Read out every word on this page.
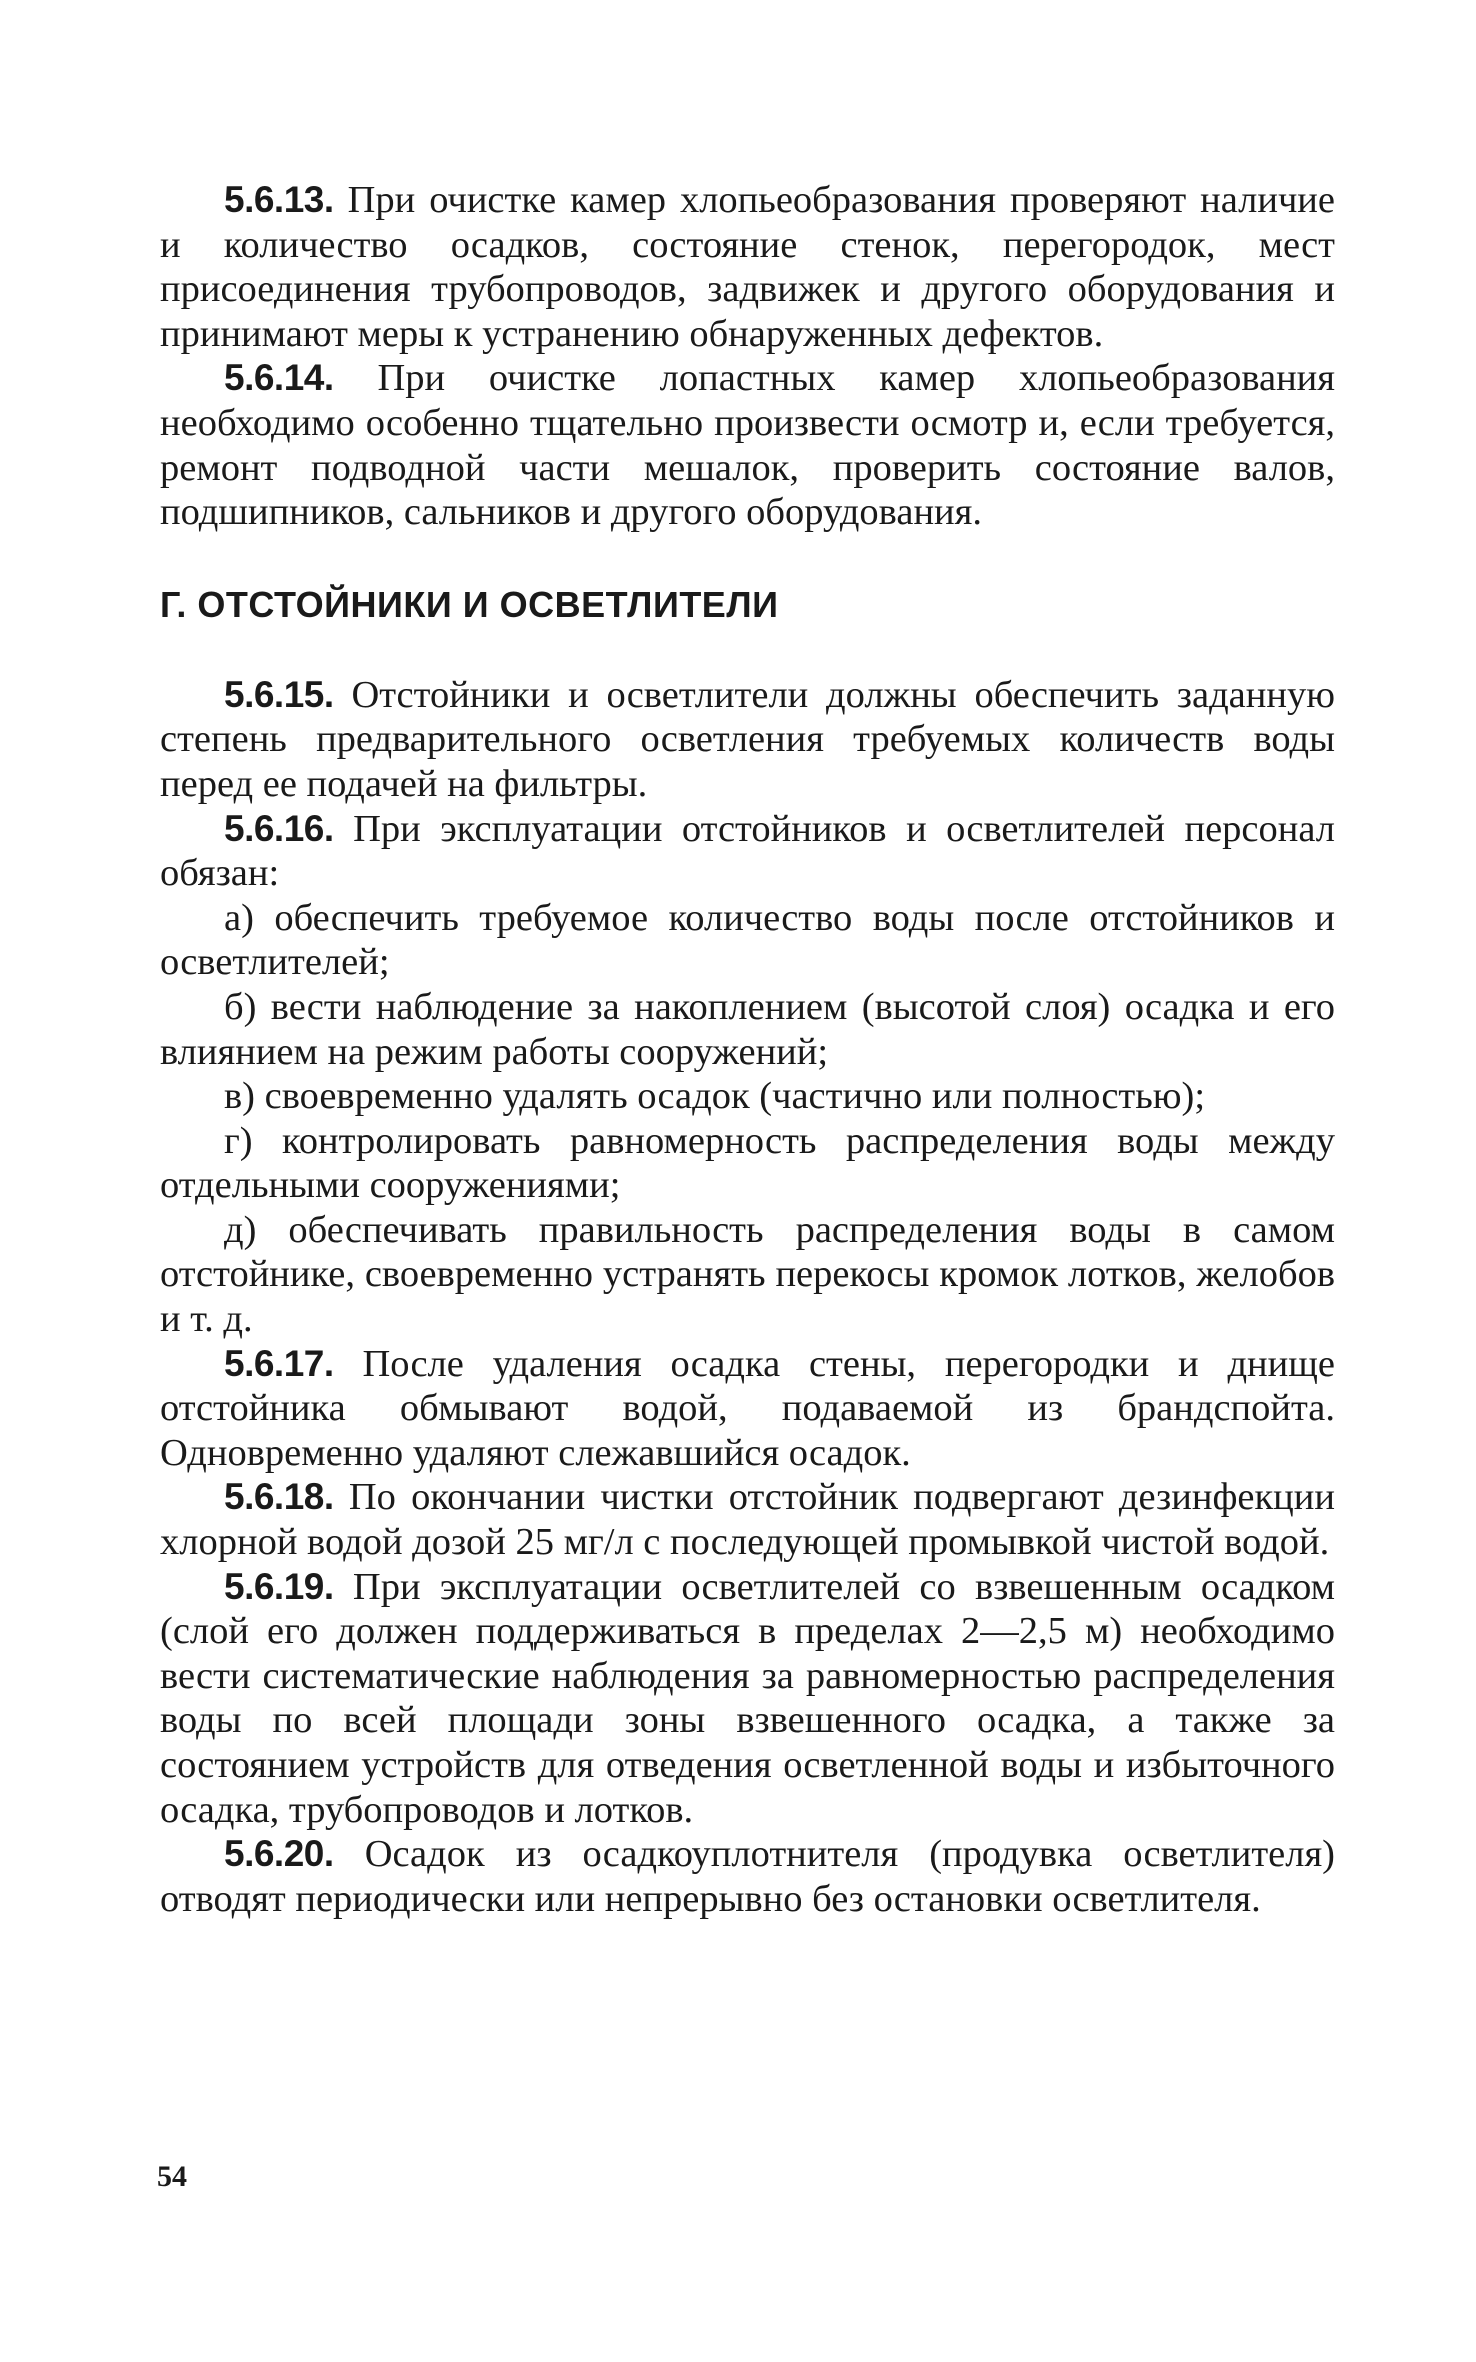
5.6.13. При очистке камер хлопьеобразования проверяют наличие и количество осадков, состояние стенок, перегородок, мест присоединения трубопроводов, задвижек и другого оборудования и принимают меры к устранению обнаруженных дефектов.

5.6.14. При очистке лопастных камер хлопьеобразования необходимо особенно тщательно произвести осмотр и, если требуется, ремонт подводной части мешалок, проверить состояние валов, подшипников, сальников и другого оборудования.

Г. ОТСТОЙНИКИ И ОСВЕТЛИТЕЛИ

5.6.15. Отстойники и осветлители должны обеспечить заданную степень предварительного осветления требуемых количеств воды перед ее подачей на фильтры.

5.6.16. При эксплуатации отстойников и осветлителей персонал обязан:

а) обеспечить требуемое количество воды после отстойников и осветлителей;

б) вести наблюдение за накоплением (высотой слоя) осадка и его влиянием на режим работы сооружений;

в) своевременно удалять осадок (частично или полностью);

г) контролировать равномерность распределения воды между отдельными сооружениями;

д) обеспечивать правильность распределения воды в самом отстойнике, своевременно устранять перекосы кромок лотков, желобов и т. д.

5.6.17. После удаления осадка стены, перегородки и днище отстойника обмывают водой, подаваемой из брандспойта. Одновременно удаляют слежавшийся осадок.

5.6.18. По окончании чистки отстойник подвергают дезинфекции хлорной водой дозой 25 мг/л с последующей промывкой чистой водой.

5.6.19. При эксплуатации осветлителей со взвешенным осадком (слой его должен поддерживаться в пределах 2—2,5 м) необходимо вести систематические наблюдения за равномерностью распределения воды по всей площади зоны взвешенного осадка, а также за состоянием устройств для отведения осветленной воды и избыточного осадка, трубопроводов и лотков.

5.6.20. Осадок из осадкоуплотнителя (продувка осветлителя) отводят периодически или непрерывно без остановки осветлителя.

54
